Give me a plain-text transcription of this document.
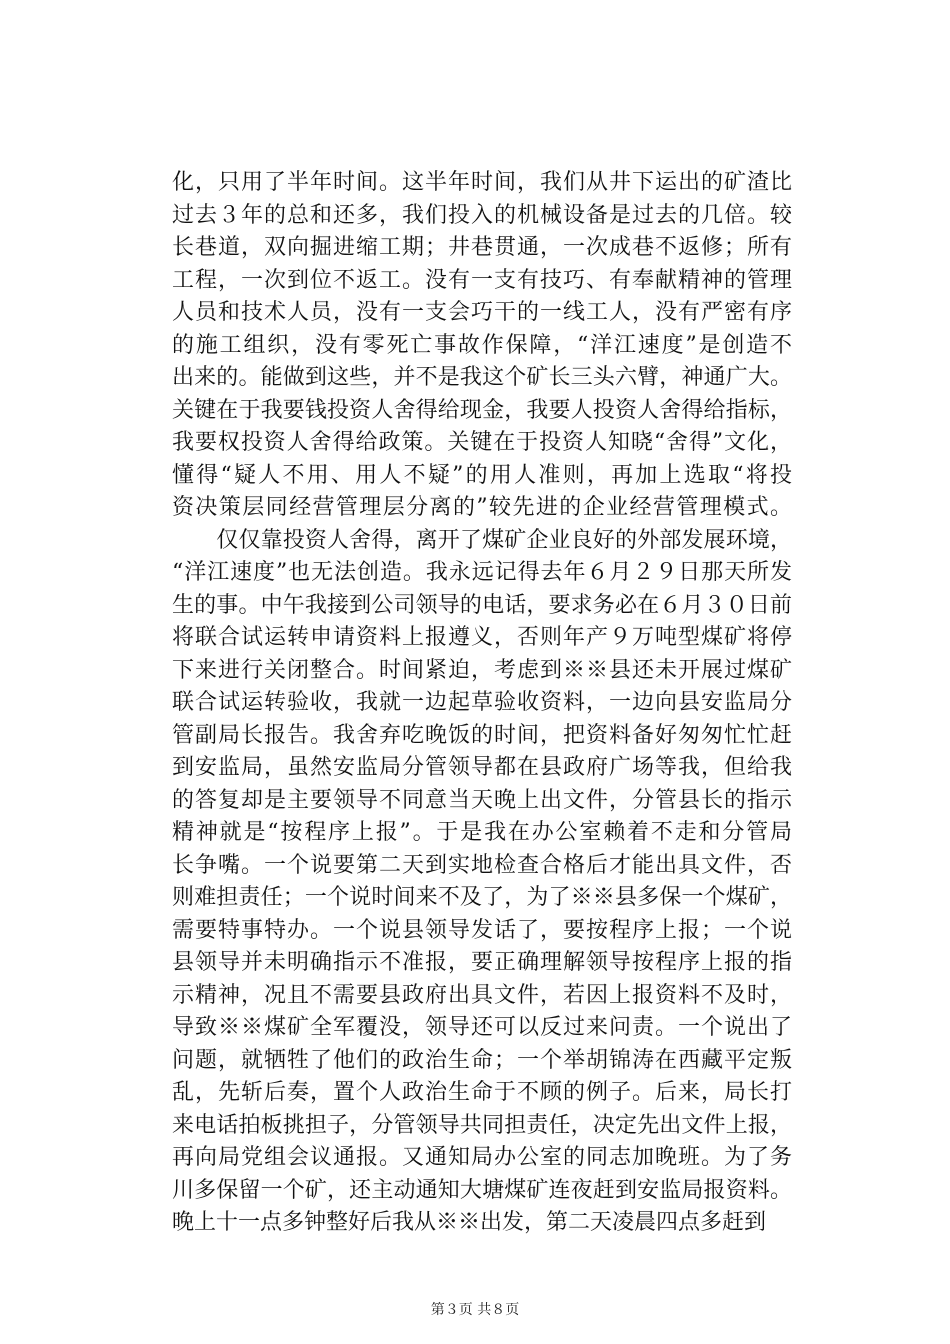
化，只用了半年时间。这半年时间，我们从井下运出的矿渣比
过去３年的总和还多，我们投入的机械设备是过去的几倍。较
长巷道，双向掘进缩工期；井巷贯通，一次成巷不返修；所有
工程，一次到位不返工。没有一支有技巧、有奉献精神的管理
人员和技术人员，没有一支会巧干的一线工人，没有严密有序
的施工组织，没有零死亡事故作保障，“洋江速度”是创造不
出来的。能做到这些，并不是我这个矿长三头六臂，神通广大。
关键在于我要钱投资人舍得给现金，我要人投资人舍得给指标，
我要权投资人舍得给政策。关键在于投资人知晓“舍得”文化，
懂得“疑人不用、用人不疑”的用人准则，再加上选取“将投
资决策层同经营管理层分离的”较先进的企业经营管理模式。
　　仅仅靠投资人舍得，离开了煤矿企业良好的外部发展环境，
“洋江速度”也无法创造。我永远记得去年６月２９日那天所发
生的事。中午我接到公司领导的电话，要求务必在６月３０日前
将联合试运转申请资料上报遵义，否则年产９万吨型煤矿将停
下来进行关闭整合。时间紧迫，考虑到※※县还未开展过煤矿
联合试运转验收，我就一边起草验收资料，一边向县安监局分
管副局长报告。我舍弃吃晚饭的时间，把资料备好匆匆忙忙赶
到安监局，虽然安监局分管领导都在县政府广场等我，但给我
的答复却是主要领导不同意当天晚上出文件，分管县长的指示
精神就是“按程序上报”。于是我在办公室赖着不走和分管局
长争嘴。一个说要第二天到实地检查合格后才能出具文件，否
则难担责任；一个说时间来不及了，为了※※县多保一个煤矿，
需要特事特办。一个说县领导发话了，要按程序上报；一个说
县领导并未明确指示不准报，要正确理解领导按程序上报的指
示精神，况且不需要县政府出具文件，若因上报资料不及时，
导致※※煤矿全军覆没，领导还可以反过来问责。一个说出了
问题，就牺牲了他们的政治生命；一个举胡锦涛在西藏平定叛
乱，先斩后奏，置个人政治生命于不顾的例子。后来，局长打
来电话拍板挑担子，分管领导共同担责任，决定先出文件上报，
再向局党组会议通报。又通知局办公室的同志加晚班。为了务
川多保留一个矿，还主动通知大塘煤矿连夜赶到安监局报资料。
晚上十一点多钟整好后我从※※出发，第二天凌晨四点多赶到
第３页 共８页
